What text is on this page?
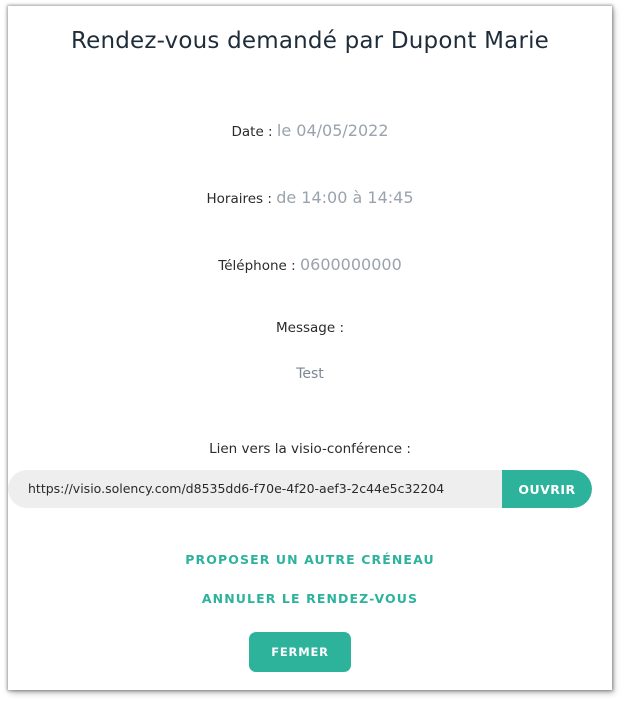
Rendez-vous demandé par Dupont Marie
Date : le 04/05/2022
Horaires : de 14:00 à 14:45
Téléphone : 0600000000
Message :
Test
Lien vers la visio-conférence :
https://visio.solency.com/d8535dd6-f70e-4f20-aef3-2c44e5c32204	OUVRIR
PROPOSER UN AUTRE CRÉNEAU
ANNULER LE RENDEZ-VOUS
FERMER
